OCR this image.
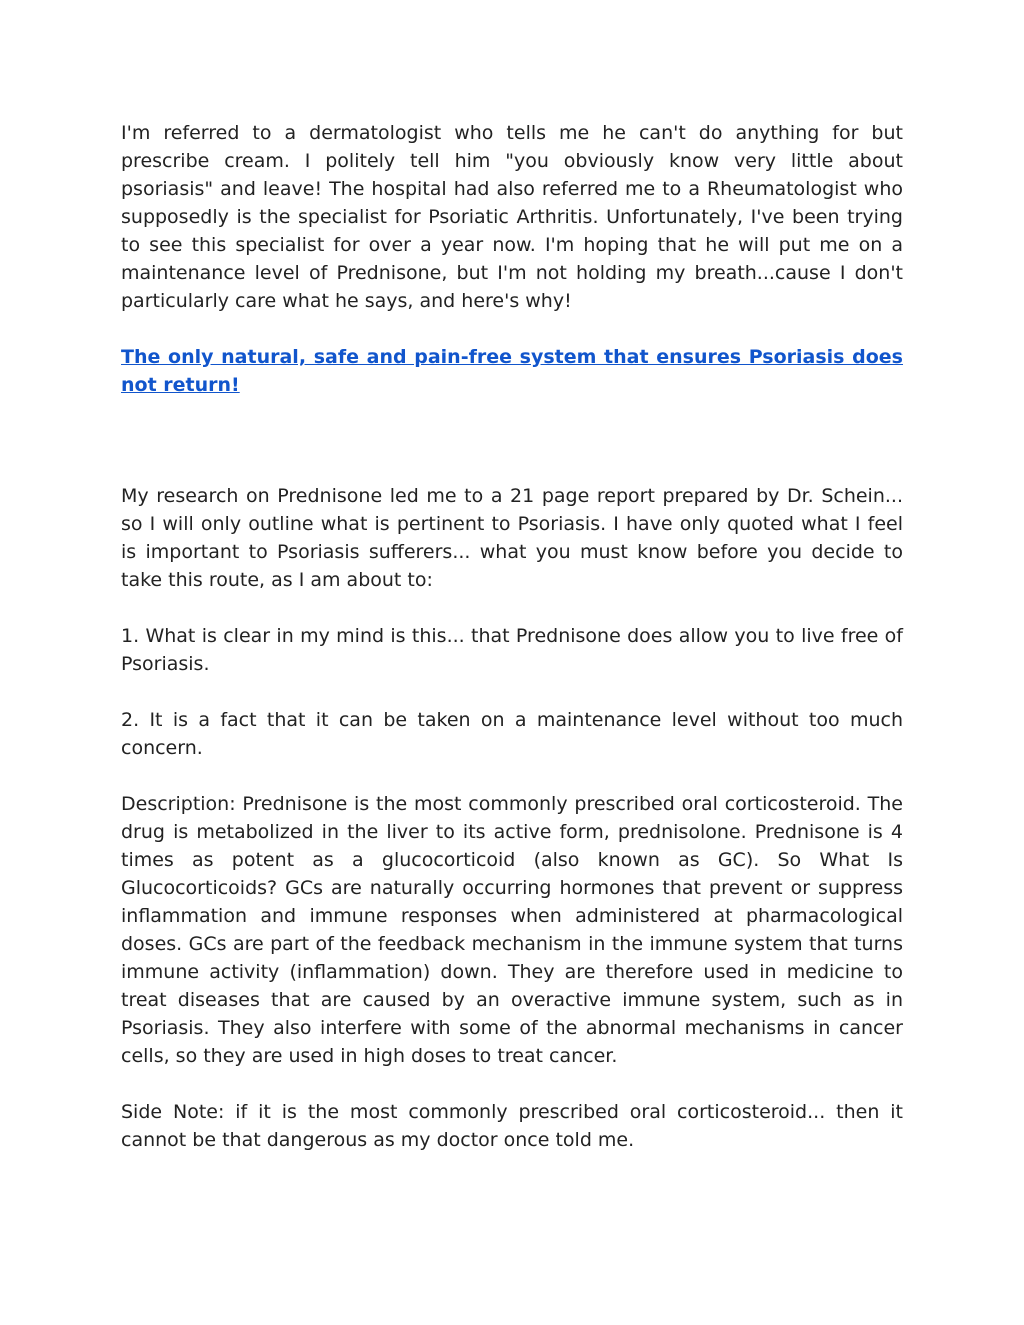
I'm referred to a dermatologist who tells me he can't do anything for but prescribe cream. I politely tell him "you obviously know very little about psoriasis" and leave! The hospital had also referred me to a Rheumatologist who supposedly is the specialist for Psoriatic Arthritis. Unfortunately, I've been trying to see this specialist for over a year now. I'm hoping that he will put me on a maintenance level of Prednisone, but I'm not holding my breath...cause I don't particularly care what he says, and here's why!

The only natural, safe and pain-free system that ensures Psoriasis does not return!

My research on Prednisone led me to a 21 page report prepared by Dr. Schein... so I will only outline what is pertinent to Psoriasis. I have only quoted what I feel is important to Psoriasis sufferers... what you must know before you decide to take this route, as I am about to:

1. What is clear in my mind is this... that Prednisone does allow you to live free of Psoriasis.

2. It is a fact that it can be taken on a maintenance level without too much concern.

Description: Prednisone is the most commonly prescribed oral corticosteroid. The drug is metabolized in the liver to its active form, prednisolone. Prednisone is 4 times as potent as a glucocorticoid (also known as GC). So What Is Glucocorticoids? GCs are naturally occurring hormones that prevent or suppress inflammation and immune responses when administered at pharmacological doses. GCs are part of the feedback mechanism in the immune system that turns immune activity (inflammation) down. They are therefore used in medicine to treat diseases that are caused by an overactive immune system, such as in Psoriasis. They also interfere with some of the abnormal mechanisms in cancer cells, so they are used in high doses to treat cancer.

Side Note: if it is the most commonly prescribed oral corticosteroid... then it cannot be that dangerous as my doctor once told me.
